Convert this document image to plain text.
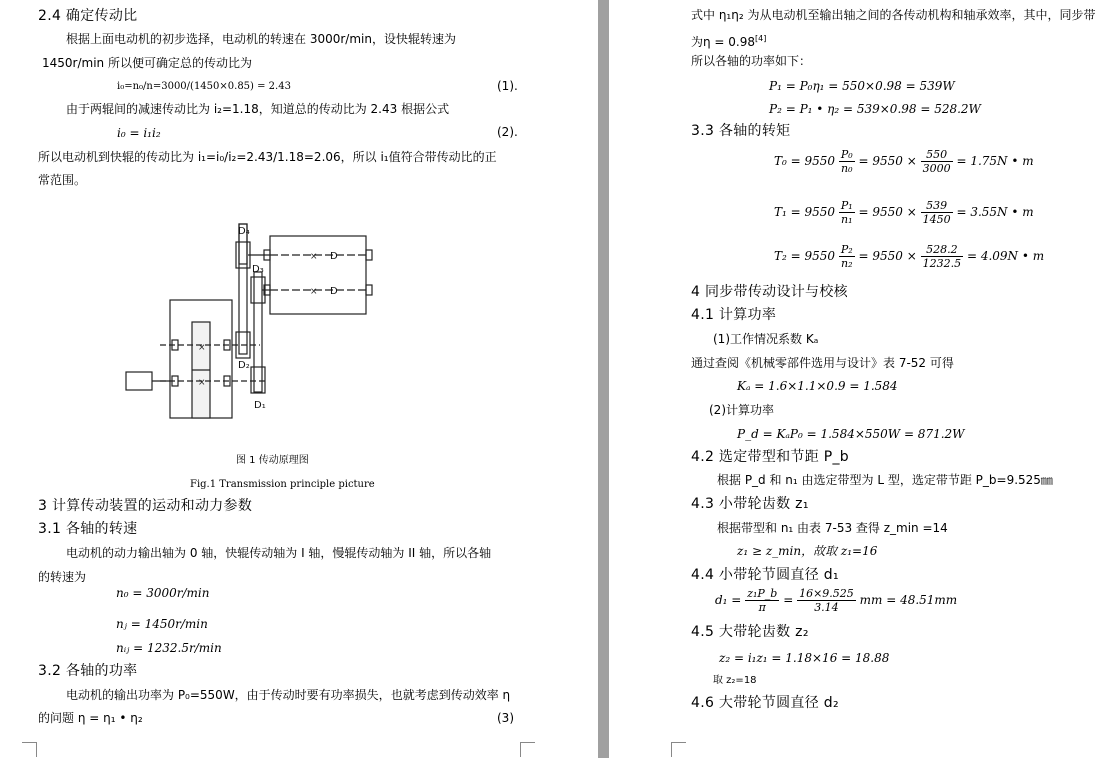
2.4 确定传动比
根据上面电动机的初步选择，电动机的转速在 3000r/min，设快辊转速为
1450r/min 所以便可确定总的传动比为
i₀=n₀/n=3000/(1450×0.85) = 2.43	(1).
由于两辊间的减速传动比为 i₂=1.18，知道总的传动比为 2.43 根据公式
i₀ = i₁i₂	(2).
所以电动机到快辊的传动比为 i₁=i₀/i₂=2.43/1.18=2.06，所以 i₁值符合带传动比的正
常范围。
×
×
×
×
D₄
D₃
D₂
D₁
D
D
图 1 传动原理图
Fig.1 Transmission principle picture
3 计算传动装置的运动和动力参数
3.1 各轴的转速
电动机的动力输出轴为 0 轴，快辊传动轴为 I 轴，慢辊传动轴为 II 轴，所以各轴
的转速为
n₀ = 3000r/min
nⱼ = 1450r/min
nᵢⱼ = 1232.5r/min
3.2 各轴的功率
电动机的输出功率为 P₀=550W，由于传动时要有功率损失，也就考虑到传动效率 η
的问题 η = η₁ • η₂	(3)
式中 η₁η₂ 为从电动机至输出轴之间的各传动机构和轴承效率，其中，同步带
为η = 0.98[4]
所以各轴的功率如下：
P₁ = P₀η₁ = 550×0.98 = 539W
P₂ = P₁ • η₂ = 539×0.98 = 528.2W
3.3 各轴的转矩
$T_0 = 9550 \frac{\text{P₀}}{\text{n₀}} = 9550 \times \frac{550}{3000} = 1.75N$ • m
$T_1 = 9550 \frac{\text{P₁}}{\text{n₁}} = 9550 \times \frac{539}{1450} = 3.55N$ • m
$T_2 = 9550 \frac{\text{P₂}}{\text{n₂}} = 9550 \times \frac{528.2}{1232.5} = 4.09N$ • m
4 同步带传动设计与校核
4.1 计算功率
(1)工作情况系数 Kₐ
通过查阅《机械零部件选用与设计》表 7-52 可得
Kₐ = 1.6×1.1×0.9 = 1.584
(2)计算功率
P_d = KₐP₀ = 1.584×550W = 871.2W
4.2 选定带型和节距 P_b
根据 P_d 和 n₁ 由选定带型为 L 型，选定带节距 P_b=9.525㎜
4.3 小带轮齿数 z₁
根据带型和 n₁ 由表 7-53 查得 z_min =14
z₁ ≥ z_min，故取 z₁=16
4.4 小带轮节圆直径 d₁
$d_1 = \frac{\text{z₁P\_b}}{\pi} = \frac{16\times 9.525}{3.14}$ mm = 48.51mm
4.5 大带轮齿数 z₂
z₂ = i₁z₁ = 1.18×16 = 18.88
取 z₂=18
4.6 大带轮节圆直径 d₂
